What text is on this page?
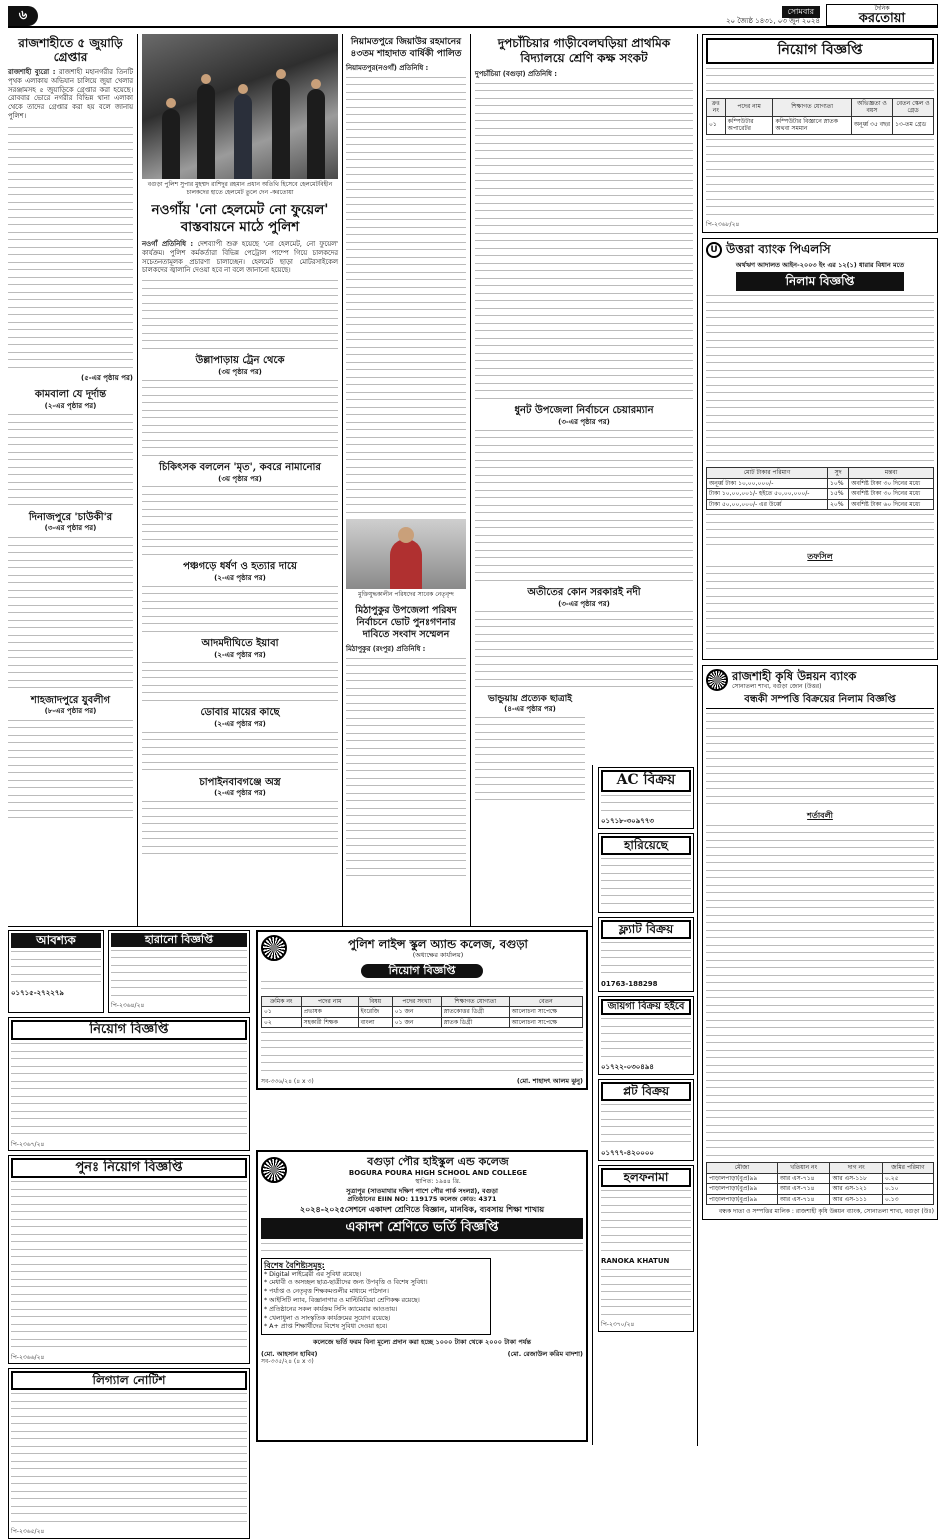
৬	সোমবার
২০ জ্যৈষ্ঠ ১৪৩১, ০৩ জুন ২০২৪
দৈনিক
করতোয়া
রাজশাহীতে ৫ জুয়াড়ি গ্রেপ্তার
রাজশাহী ব্যুরো : রাজশাহী মহানগরীর তিনটি পৃথক এলাকায় অভিযান চালিয়ে জুয়া খেলার সরঞ্জামসহ ৫ জুয়াড়িকে গ্রেপ্তার করা হয়েছে। রোববার ভোরে নগরীর বিভিন্ন থানা এলাকা থেকে তাদের গ্রেপ্তার করা হয় বলে জানায় পুলিশ।
(৫-এর পৃষ্ঠায় পর)
কামবালা যে দূর্দান্ত
(২-এর পৃষ্ঠার পর)
দিনাজপুরে 'চাউকী'র
(৩-এর পৃষ্ঠার পর)
শাহজাদপুরে যুবলীগ
(৮-এর পৃষ্ঠার পর)
বগুড়া পুলিশ সুপার মুহম্মদ রাশিদুর রহমান প্রধান অতিথি হিসেবে হেলমেটবিহীন চালকদের হাতে হেলমেট তুলে দেন -করতোয়া
নওগাঁয় 'নো হেলমেট নো ফুয়েল' বাস্তবায়নে মাঠে পুলিশ
নওগাঁ প্রতিনিধি : দেশব্যাপী শুরু হয়েছে 'নো হেলমেট, নো ফুয়েল' কার্যক্রম। পুলিশ কর্মকর্তারা বিভিন্ন পেট্রোল পাম্পে গিয়ে চালকদের সচেতনতামূলক প্রচারণা চালাচ্ছেন। হেলমেট ছাড়া মোটরসাইকেল চালকদের জ্বালানি দেওয়া হবে না বলে জানানো হয়েছে।
উল্লাপাড়ায় ট্রেন থেকে
(৩য় পৃষ্ঠার পর)
চিকিৎসক বললেন 'মৃত', কবরে নামানোর
(৩য় পৃষ্ঠার পর)
পঞ্চগড়ে ধর্ষণ ও হত্যার দায়ে
(২-এর পৃষ্ঠার পর)
আদমদীঘিতে ইয়াবা
(২-এর পৃষ্ঠার পর)
ডোবার মায়ের কাছে
(২-এর পৃষ্ঠার পর)
চাপাইনবাবগঞ্জে অস্ত্র
(২-এর পৃষ্ঠার পর)
নিয়ামতপুরে জিয়াউর রহমানের ৪৩তম শাহাদাত বার্ষিকী পালিত
নিয়ামতপুর(নওগাঁ) প্রতিনিধি :
মুক্তিযুদ্ধকালীন পরিষদের সাবেক নেতৃবৃন্দ
মিঠাপুকুর উপজেলা পরিষদ নির্বাচনে ভোট পুনঃগণনার দাবিতে সংবাদ সম্মেলন
মিঠাপুকুর (রংপুর) প্রতিনিধি :
দুপচাঁচিয়ার গাড়ীবেলঘড়িয়া প্রাথমিক বিদ্যালয়ে শ্রেণি কক্ষ সংকট
দুপচাঁচিয়া (বগুড়া) প্রতিনিধি :
ধুনট উপজেলা নির্বাচনে চেয়ারম্যান
(৩-এর পৃষ্ঠার পর)
অতীতের কোন সরকারই নদী
(৩-এর পৃষ্ঠার পর)
ভান্ডুয়ায় প্রত্যেক ছাত্রাই
(৪-এর পৃষ্ঠার পর)
AC বিক্রয়
০১৭১৮-৩০৯৭৭৩
হারিয়েছে
ফ্ল্যাট বিক্রয়
01763-188298
জায়গা বিক্রয় হইবে
০১৭২২-০৩০৪৯৪
প্লট বিক্রয়
০১৭৭৭-৪২০০০০
হলফনামা
RANOKA KHATUN
পি-২৩৭০/২৪
নিয়োগ বিজ্ঞপ্তি
ক্রঃ নং	পদের নাম	শিক্ষাগত যোগ্যতা	অভিজ্ঞতা ও বয়স	বেতন স্কেল ও গ্রেড
০১	কম্পিউটার অপারেটর	কম্পিউটার বিজ্ঞানে স্নাতক অথবা সমমান	অনূর্ধ্ব ৩৫ বছর	১৩-তম গ্রেড
পি-২৩৬৮/২৪
U উত্তরা ব্যাংক পিএলসি
অর্থঋণ আদালত আইন-২০০৩ ইং এর ১২(১) ধারার বিধান মতে
নিলাম বিজ্ঞপ্তি
মোট টাকার পরিমাণ	সুদ	মন্তব্য
অনূর্ধ্ব টাকা ১০,০০,০০০/-	১০%	অবশিষ্ট টাকা ৩০ দিনের মধ্যে
টাকা ১০,০০,০০১/- হইতে ৫০,০০,০০০/-	১৫%	অবশিষ্ট টাকা ৩০ দিনের মধ্যে
টাকা ৫০,০০,০০০/- এর উর্ধ্বে	২০%	অবশিষ্ট টাকা ৬০ দিনের মধ্যে
তফসিল
রাজশাহী কৃষি উন্নয়ন ব্যাংক
সোনাতলা শাখা, বগুড়া জোন (উত্তর)
বন্ধকী সম্পত্তি বিক্রয়ের নিলাম বিজ্ঞপ্তি
শর্তাবলী
মৌজা	খতিয়ান নং	দাগ নং	জমির পরিমাণ
পাড়ালপাড়া(বুপ্র)৯৯	আর এস-৭১৪	আর এস-১১৮	০.২৫
পাড়ালপাড়া(বুপ্র)৯৯	আর এস-৭১৪	আর এস-১২১	০.১০
পাড়ালপাড়া(বুপ্র)৯৯	আর এস-৭১৪	আর এস-১১১	০.১৩
বন্ধক দাতা ও সম্পত্তির মালিক : রাজশাহী কৃষি উন্নয়ন ব্যাংক, সোনাতলা শাখা, বগুড়া (উঃ)
আবশ্যক
০১৭১৫-২৭২২৭৯
হারানো বিজ্ঞপ্তি
পি-২৩৬৪/২৪
নিয়োগ বিজ্ঞপ্তি
পি-২৩৬৭/২৪
পুনঃ নিয়োগ বিজ্ঞপ্তি
পি-২৩৬৬/২৪
লিগ্যাল নোটিশ
পি-২৩৬৫/২৪
পুলিশ লাইন্স স্কুল অ্যান্ড কলেজ, বগুড়া
(অধ্যক্ষের কার্যালয়)
নিয়োগ বিজ্ঞপ্তি
ক্রমিক নং	পদের নাম	বিষয়	পদের সংখ্যা	শিক্ষাগত যোগ্যতা	বেতন
০১	প্রভাষক	ইংরেজি	০১ জন	স্নাতকোত্তর ডিগ্রী	আলোচনা সাপেক্ষে
০২	সহকারী শিক্ষক	বাংলা	০১ জন	স্নাতক ডিগ্রী	আলোচনা সাপেক্ষে
সব-৩৩৬/২৪ (৪ x ৩)	(মো. শাহাদৎ আলম ঝুনু)
বগুড়া পৌর হাইস্কুল এন্ড কলেজ
BOGURA POURA HIGH SCHOOL AND COLLEGE
স্থাপিত: ১৯৪৪ খ্রি.
সুত্রাপুর (সাতমাথার দক্ষিণ পাশে পৌর পার্ক সংলগ্ন), বগুড়া
প্রতিষ্ঠানের EIIN NO: 119175 কলেজ কোড: 4371
২০২৪-২০২৫সেশনে একাদশ শ্রেণিতে বিজ্ঞান, মানবিক, ব্যবসায় শিক্ষা শাখায়
একাদশ শ্রেণিতে ভর্তি বিজ্ঞপ্তি
বিশেষ বৈশিষ্ট্যসমূহ:
* Digital লাইব্রেরী এর সুবিধা রয়েছে।
* মেধাবী ও অসচ্ছল ছাত্র-ছাত্রীদের জন্য উপবৃত্তি ও বিশেষ সুবিধা।
* পর্যাপ্ত ও নেতৃবৃত্ত শিক্ষকমণ্ডলীর মাধ্যমে পাঠদান।
* আইসিটি ল্যাব, বিজ্ঞানাগার ও মাল্টিমিডিয়া শ্রেণিকক্ষ রয়েছে।
* প্রতিষ্ঠানের সকল কার্যক্রম সিসি ক্যামেরার আওতায়।
* খেলাধুলা ও সাংস্কৃতিক কার্যক্রমের সুযোগ রয়েছে।
* A+ প্রাপ্ত শিক্ষার্থীদের বিশেষ সুবিধা দেওয়া হবে।
কলেজে ভর্তি ফরম বিনা মূল্যে প্রদান করা হচ্ছে ১০০০ টাকা থেকে ২০০০ টাকা পর্যন্ত
(মো. আহসান হাবিব)	(মো. রেজাউল করিম বাদশা)
সব-৩৩৫/২৪ (৪ x ৩)
